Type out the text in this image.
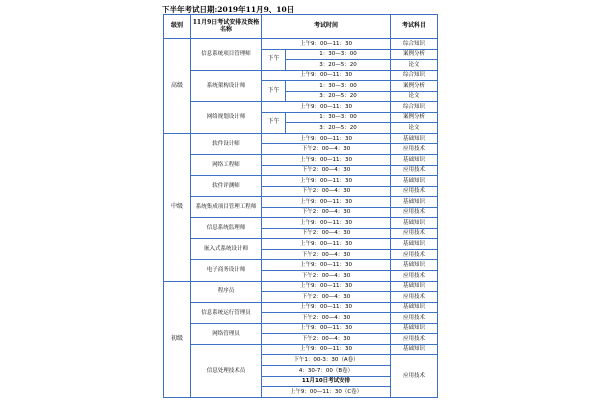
下半年考试日期:2019年11月9、10日
级别	11月9日考试安排及资格名称	考试时间		考试科目
高级	信息系统项目管理师	上午9：00—11：30		综合知识
		下午	1：30—3：00	案例分析
			3：20—5：20	论文
	系统架构设计师	上午9：00—11：30		综合知识
		下午	1：30—3：00	案例分析
			3：20—5：20	论文
	网络规划设计师	上午9：00—11：30		综合知识
		下午	1：30—3：00	案例分析
			3：20—5：20	论文
中级	软件设计师	上午9：00—11：30		基础知识
		下午2：00—4：30		应用技术
	网络工程师	上午9：00—11：30		基础知识
		下午2：00—4：30		应用技术
	软件评测师	上午9：00—11：30		基础知识
		下午2：00—4：30		应用技术
	系统集成项目管理工程师	上午9：00—11：30		基础知识
		下午2：00—4：30		应用技术
	信息系统监理师	上午9：00—11：30		基础知识
		下午2：00—4：30		应用技术
	嵌入式系统设计师	上午9：00—11：30		基础知识
		下午2：00—4：30		应用技术
	电子商务设计师	上午9：00—11：30		基础知识
		下午2：00—4：30		应用技术
初级	程序员	上午9：00—11：30		基础知识
		下午2：00—4：30		应用技术
	信息系统运行管理员	上午9：00—11：30		基础知识
		下午2：00—4：30		应用技术
	网络管理员	上午9：00—11：30		基础知识
		下午2：00—4：30		应用技术
	信息处理技术员	上午9：00—11：30		基础知识
		下午1：00-3：30（A卷）		应用技术
		4：30-7：00（B卷）		
		11月10日考试安排		
		上午9：00—11：30（C卷）		
